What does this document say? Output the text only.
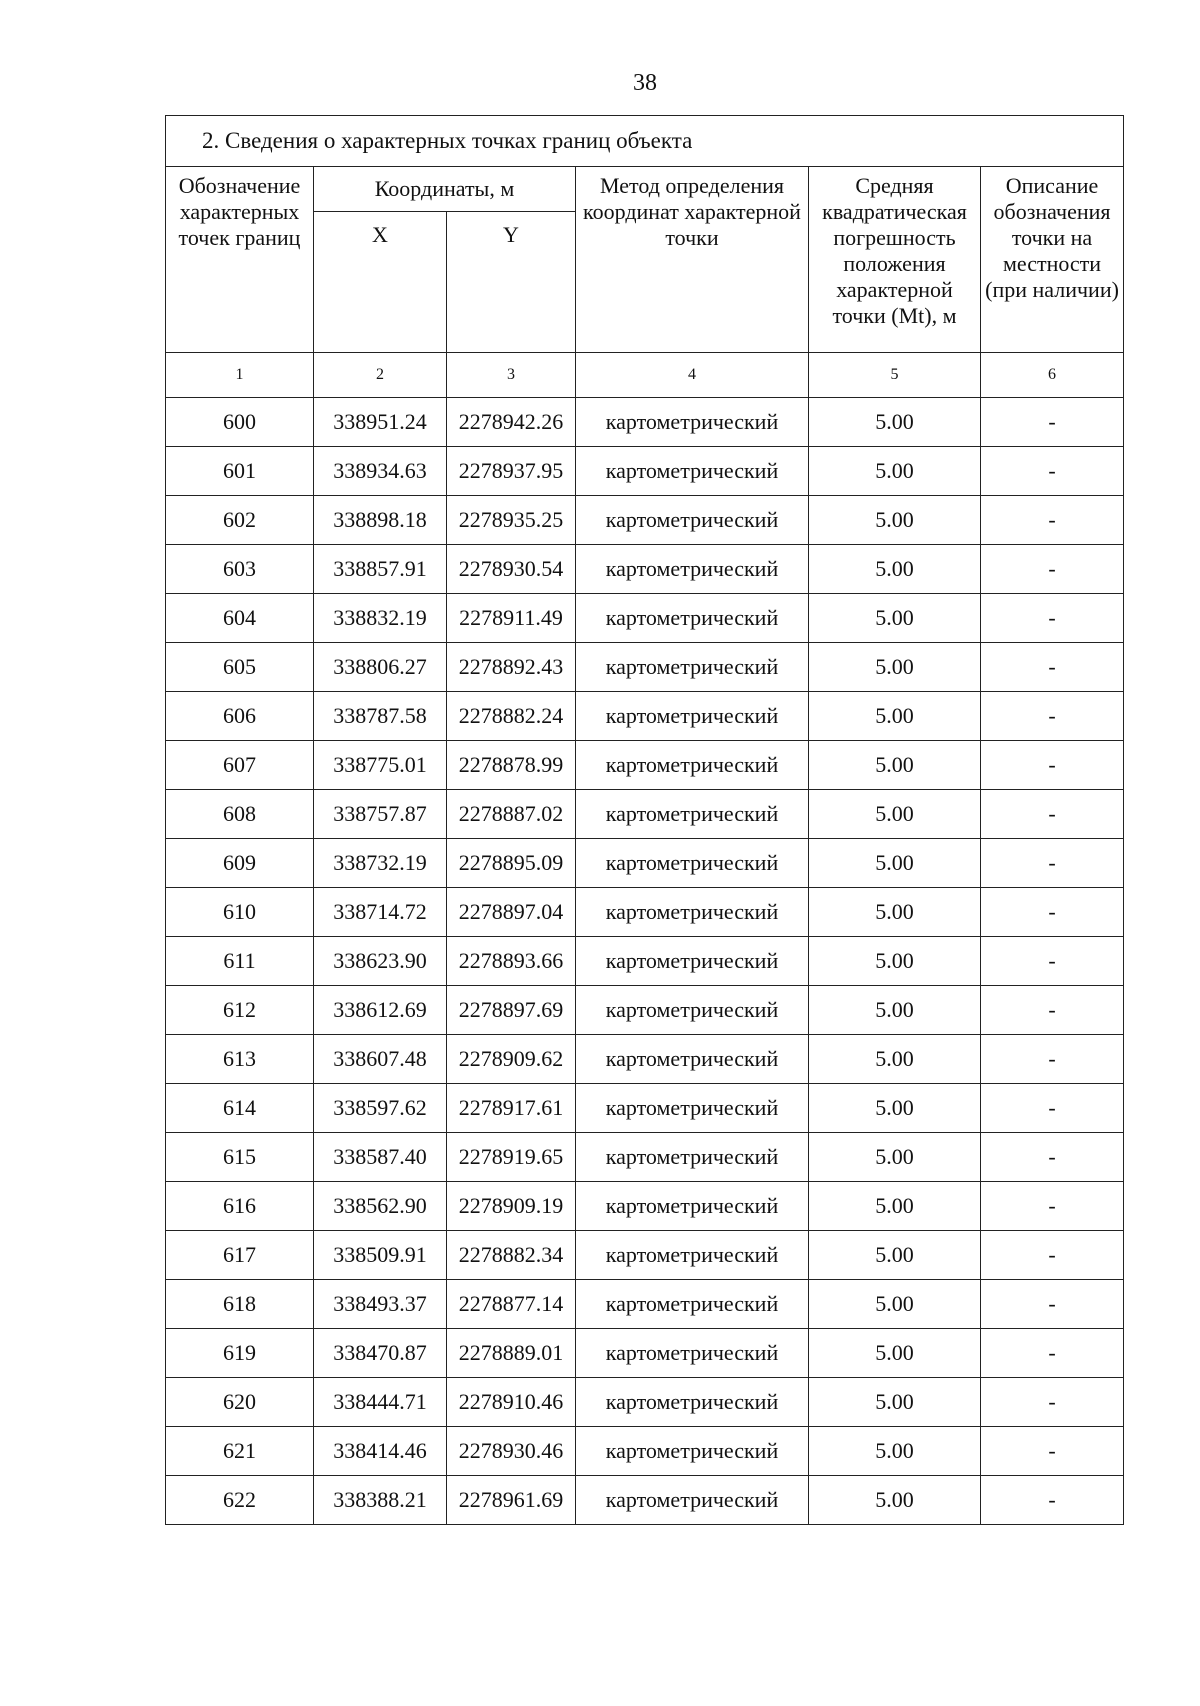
38
2. Сведения о характерных точках границ объекта					
Обозначение характерных точек границ	Координаты, м		Метод определения координат характерной точки	Средняя квадратическая погрешность положения характерной точки (Mt), м	Описание обозначения точки на местности (при наличии)
	X	Y			
1	2	3	4	5	6
600	338951.24	2278942.26	картометрический	5.00	-
601	338934.63	2278937.95	картометрический	5.00	-
602	338898.18	2278935.25	картометрический	5.00	-
603	338857.91	2278930.54	картометрический	5.00	-
604	338832.19	2278911.49	картометрический	5.00	-
605	338806.27	2278892.43	картометрический	5.00	-
606	338787.58	2278882.24	картометрический	5.00	-
607	338775.01	2278878.99	картометрический	5.00	-
608	338757.87	2278887.02	картометрический	5.00	-
609	338732.19	2278895.09	картометрический	5.00	-
610	338714.72	2278897.04	картометрический	5.00	-
611	338623.90	2278893.66	картометрический	5.00	-
612	338612.69	2278897.69	картометрический	5.00	-
613	338607.48	2278909.62	картометрический	5.00	-
614	338597.62	2278917.61	картометрический	5.00	-
615	338587.40	2278919.65	картометрический	5.00	-
616	338562.90	2278909.19	картометрический	5.00	-
617	338509.91	2278882.34	картометрический	5.00	-
618	338493.37	2278877.14	картометрический	5.00	-
619	338470.87	2278889.01	картометрический	5.00	-
620	338444.71	2278910.46	картометрический	5.00	-
621	338414.46	2278930.46	картометрический	5.00	-
622	338388.21	2278961.69	картометрический	5.00	-
